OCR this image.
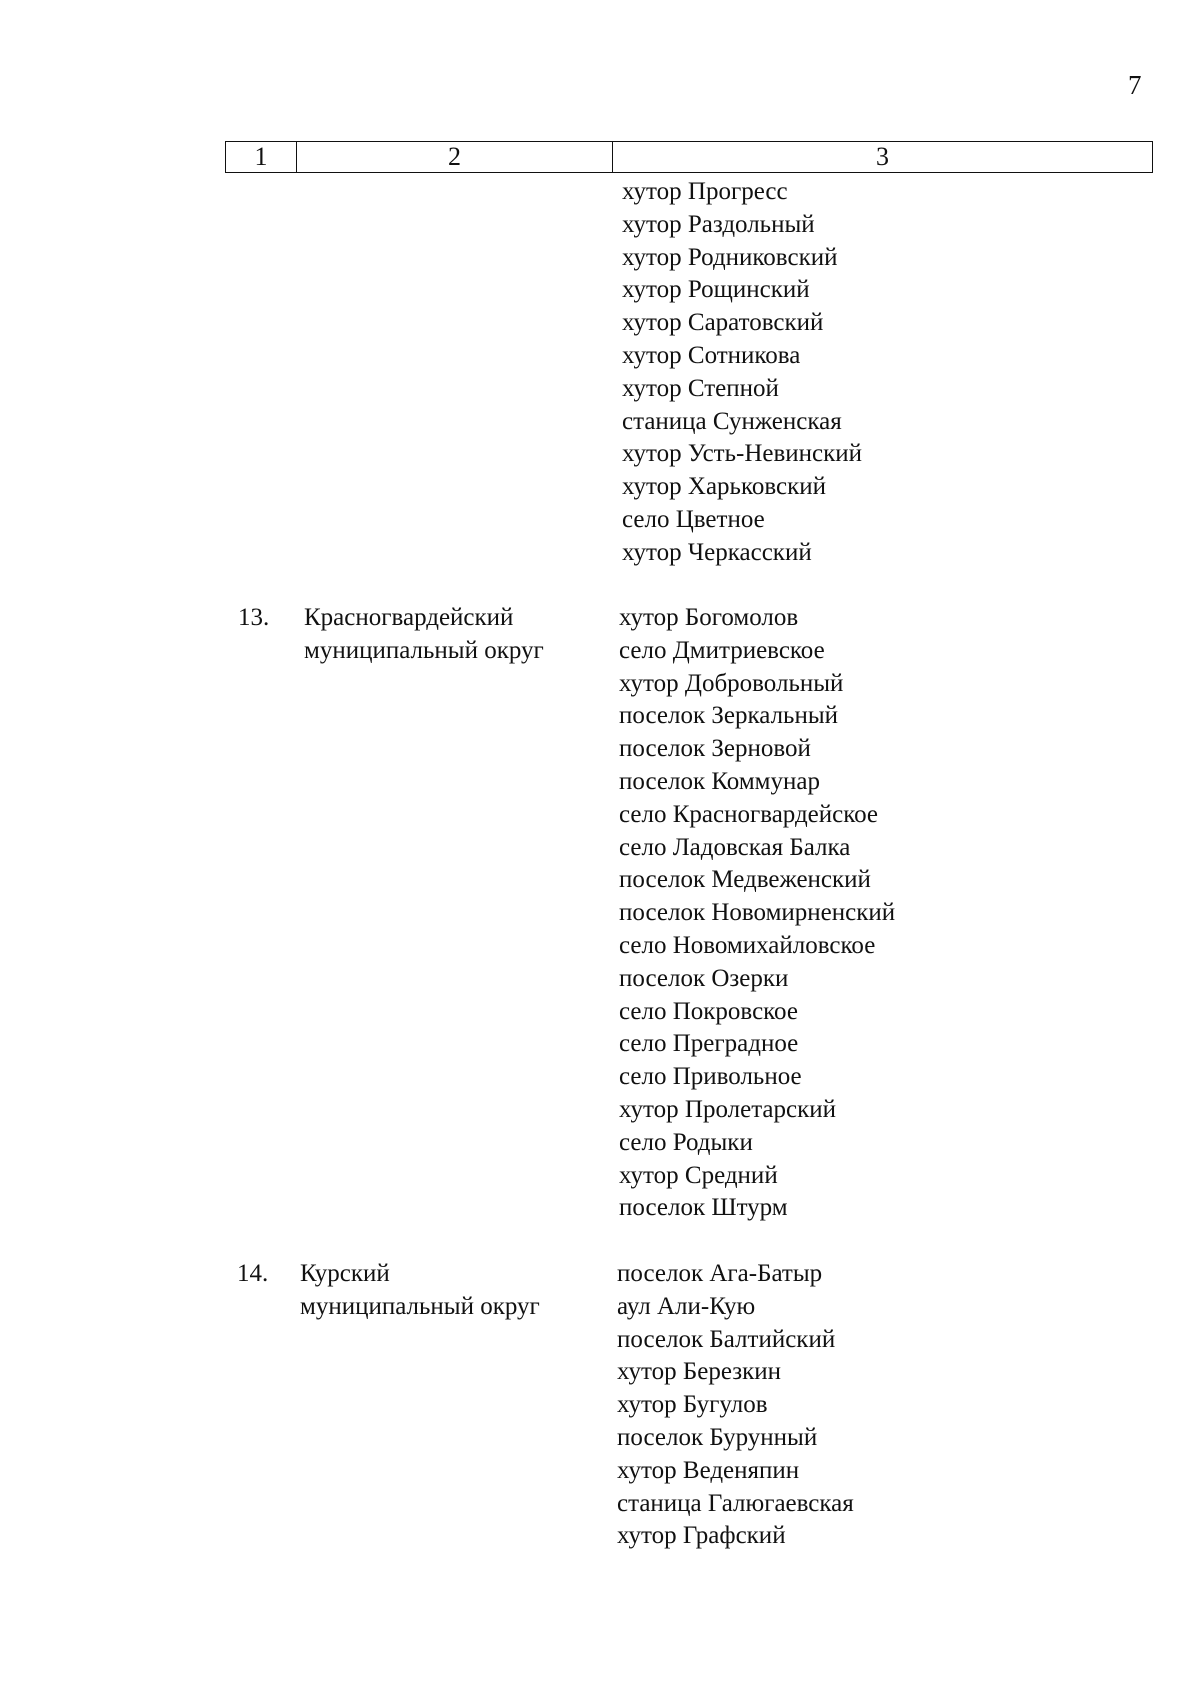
7
1	2	3
хутор Прогресс
хутор Раздольный
хутор Родниковский
хутор Рощинский
хутор Саратовский
хутор Сотникова
хутор Степной
станица Сунженская
хутор Усть-Невинский
хутор Харьковский
село Цветное
хутор Черкасский
13. Красногвардейский
муниципальный округ
хутор Богомолов
село Дмитриевское
хутор Добровольный
поселок Зеркальный
поселок Зерновой
поселок Коммунар
село Красногвардейское
село Ладовская Балка
поселок Медвеженский
поселок Новомирненский
село Новомихайловское
поселок Озерки
село Покровское
село Преградное
село Привольное
хутор Пролетарский
село Родыки
хутор Средний
поселок Штурм
14. Курский
муниципальный округ
поселок Ага-Батыр
аул Али-Кую
поселок Балтийский
хутор Березкин
хутор Бугулов
поселок Бурунный
хутор Веденяпин
станица Галюгаевская
хутор Графский
